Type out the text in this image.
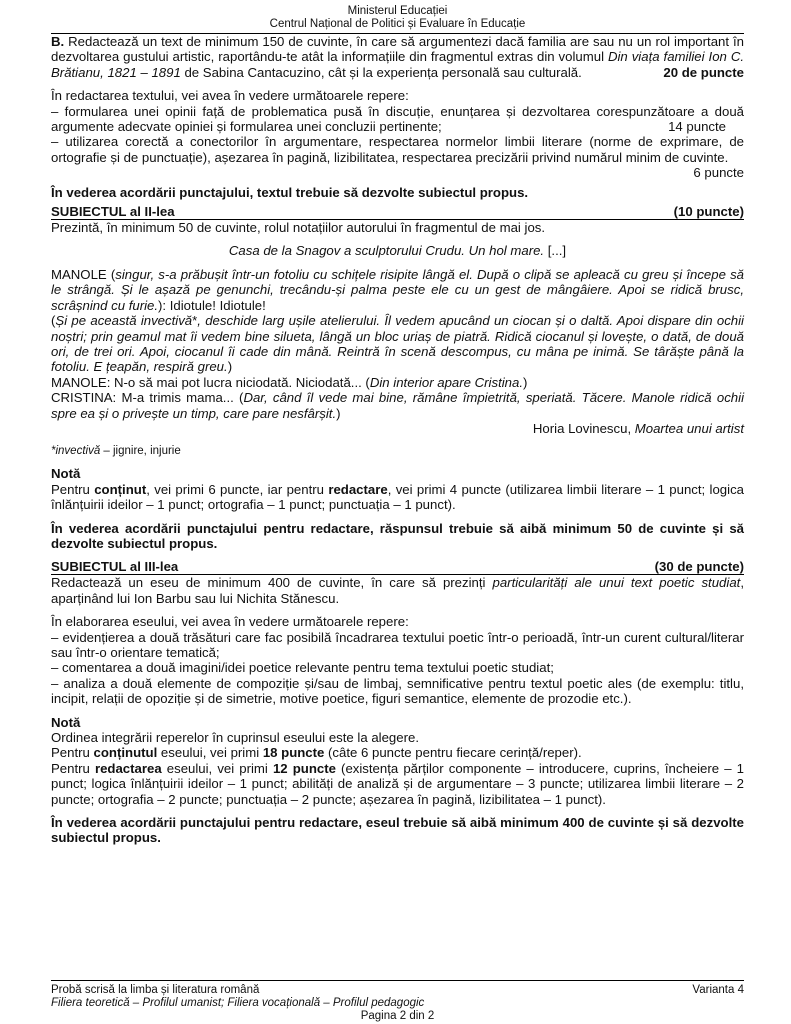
Ministerul Educației
Centrul Național de Politici și Evaluare în Educație

B. Redactează un text de minimum 150 de cuvinte, în care să argumentezi dacă familia are sau nu un rol important în dezvoltarea gustului artistic, raportându-te atât la informațiile din fragmentul extras din volumul Din viața familiei Ion C. Brătianu, 1821 – 1891 de Sabina Cantacuzino, cât și la experiența personală sau culturală.	20 de puncte

În redactarea textului, vei avea în vedere următoarele repere:

– formularea unei opinii față de problematica pusă în discuție, enunțarea și dezvoltarea corespunzătoare a două argumente adecvate opiniei și formularea unei concluzii pertinente;	14 puncte

– utilizarea corectă a conectorilor în argumentare, respectarea normelor limbii literare (norme de exprimare, de ortografie și de punctuație), așezarea în pagină, lizibilitatea, respectarea precizării privind numărul minim de cuvinte.

6 puncte

În vederea acordării punctajului, textul trebuie să dezvolte subiectul propus.

SUBIECTUL al II-lea	(10 puncte)

Prezintă, în minimum 50 de cuvinte, rolul notațiilor autorului în fragmentul de mai jos.

Casa de la Snagov a sculptorului Crudu. Un hol mare. [...]

MANOLE (singur, s-a prăbușit într-un fotoliu cu schițele risipite lângă el. După o clipă se apleacă cu greu și începe să le strângă. Și le așază pe genunchi, trecându-și palma peste ele cu un gest de mângâiere. Apoi se ridică brusc, scrâșnind cu furie.): Idiotule! Idiotule!

(Și pe această invectivă*, deschide larg ușile atelierului. Îl vedem apucând un ciocan și o daltă. Apoi dispare din ochii noștri; prin geamul mat îi vedem bine silueta, lângă un bloc uriaș de piatră. Ridică ciocanul și lovește, o dată, de două ori, de trei ori. Apoi, ciocanul îi cade din mână. Reintră în scenă descompus, cu mâna pe inimă. Se târăște până la fotoliu. E țeapăn, respiră greu.)

MANOLE: N-o să mai pot lucra niciodată. Niciodată... (Din interior apare Cristina.)

CRISTINA: M-a trimis mama... (Dar, când îl vede mai bine, rămâne împietrită, speriată. Tăcere. Manole ridică ochii spre ea și o privește un timp, care pare nesfârșit.)

Horia Lovinescu, Moartea unui artist

*invectivă – jignire, injurie

Notă

Pentru conținut, vei primi 6 puncte, iar pentru redactare, vei primi 4 puncte (utilizarea limbii literare – 1 punct; logica înlănțuirii ideilor – 1 punct; ortografia – 1 punct; punctuația – 1 punct).

În vederea acordării punctajului pentru redactare, răspunsul trebuie să aibă minimum 50 de cuvinte și să dezvolte subiectul propus.

SUBIECTUL al III-lea	(30 de puncte)

Redactează un eseu de minimum 400 de cuvinte, în care să prezinți particularități ale unui text poetic studiat, aparținând lui Ion Barbu sau lui Nichita Stănescu.

În elaborarea eseului, vei avea în vedere următoarele repere:

– evidențierea a două trăsături care fac posibilă încadrarea textului poetic într-o perioadă, într-un curent cultural/literar sau într-o orientare tematică;

– comentarea a două imagini/idei poetice relevante pentru tema textului poetic studiat;

– analiza a două elemente de compoziție și/sau de limbaj, semnificative pentru textul poetic ales (de exemplu: titlu, incipit, relații de opoziție și de simetrie, motive poetice, figuri semantice, elemente de prozodie etc.).

Notă

Ordinea integrării reperelor în cuprinsul eseului este la alegere.

Pentru conținutul eseului, vei primi 18 puncte (câte 6 puncte pentru fiecare cerință/reper).

Pentru redactarea eseului, vei primi 12 puncte (existența părților componente – introducere, cuprins, încheiere – 1 punct; logica înlănțuirii ideilor – 1 punct; abilități de analiză și de argumentare – 3 puncte; utilizarea limbii literare – 2 puncte; ortografia – 2 puncte; punctuația – 2 puncte; așezarea în pagină, lizibilitatea – 1 punct).

În vederea acordării punctajului pentru redactare, eseul trebuie să aibă minimum 400 de cuvinte și să dezvolte subiectul propus.

Probă scrisă la limba și literatura română	Varianta 4
Filiera teoretică – Profilul umanist; Filiera vocațională – Profilul pedagogic
Pagina 2 din 2
